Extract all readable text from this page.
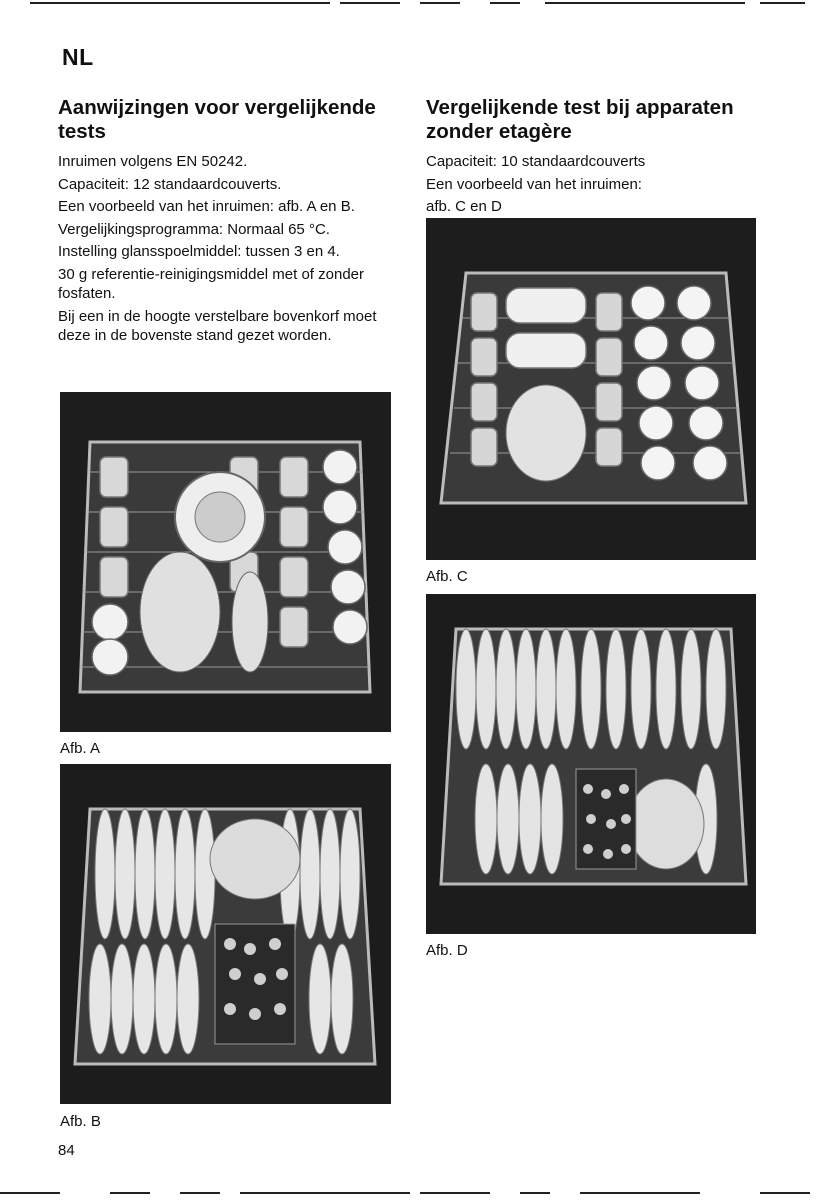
NL
Aanwijzingen voor vergelijkende tests

Inruimen volgens EN 50242.

Capaciteit: 12 standaardcouverts.

Een voorbeeld van het inruimen: afb. A en B.

Vergelijkingsprogramma: Normaal 65 °C.

Instelling glansspoelmiddel: tussen 3 en 4.

30 g referentie-reinigingsmiddel met of zonder fosfaten.

Bij een in de hoogte verstelbare bovenkorf moet deze in de bovenste stand gezet worden.

Vergelijkende test bij apparaten zonder etagère

Capaciteit: 10 standaardcouverts

Een voorbeeld van het inruimen:

afb. C en D

Afb. A
Afb. B
Afb. C
Afb. D
84
